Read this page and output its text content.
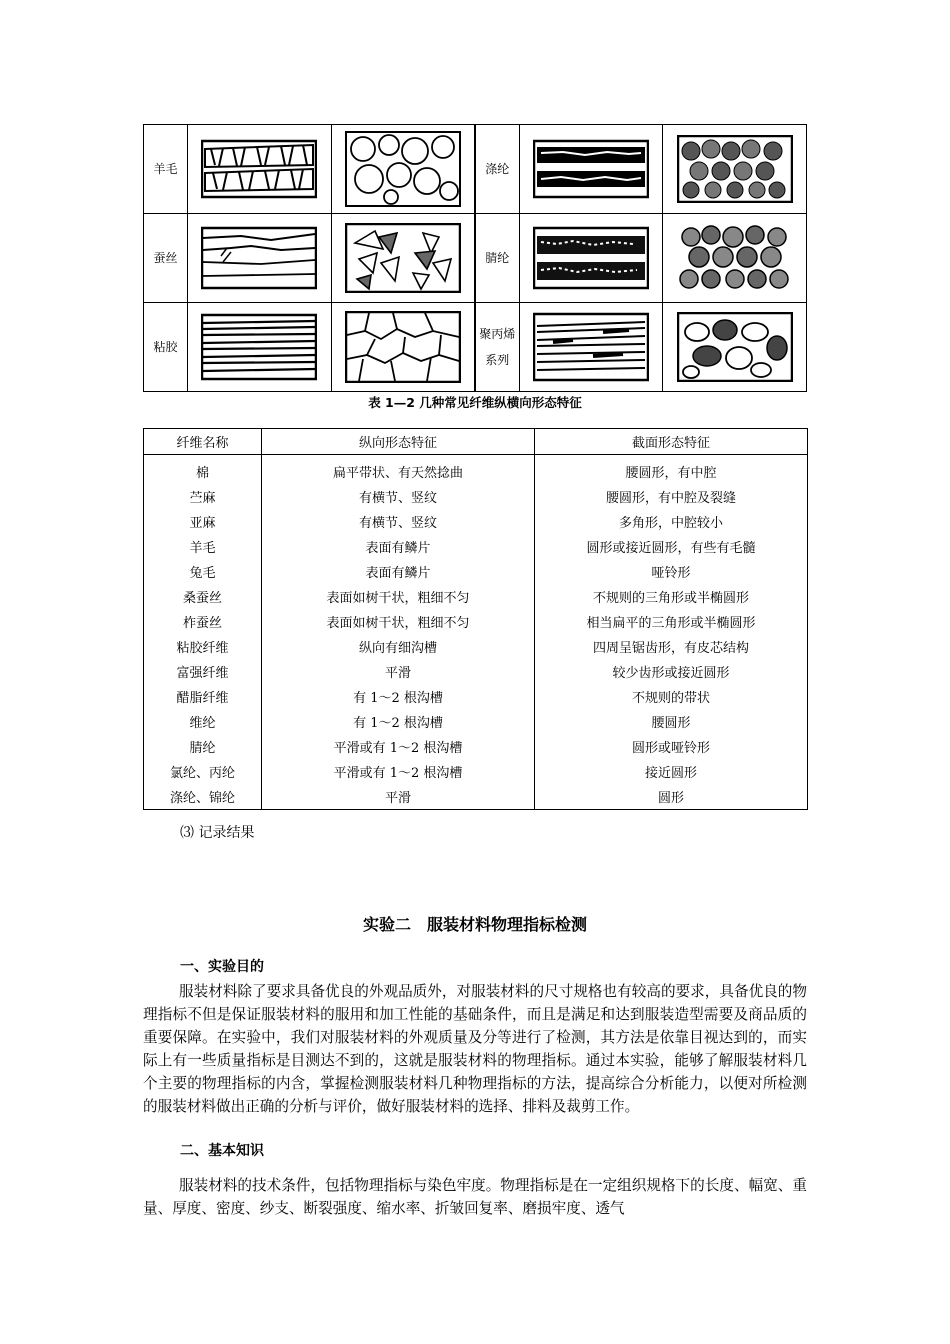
羊毛			涤纶	

蚕丝			腈纶	

粘胶			聚丙烯
系列	

表 1—2 几种常见纤维纵横向形态特征
纤维名称	纵向形态特征	截面形态特征
棉	扁平带状、有天然捻曲	腰圆形，有中腔
苎麻	有横节、竖纹	腰圆形，有中腔及裂缝
亚麻	有横节、竖纹	多角形，中腔较小
羊毛	表面有鳞片	圆形或接近圆形，有些有毛髓
兔毛	表面有鳞片	哑铃形
桑蚕丝	表面如树干状，粗细不匀	不规则的三角形或半椭圆形
柞蚕丝	表面如树干状，粗细不匀	相当扁平的三角形或半椭圆形
粘胶纤维	纵向有细沟槽	四周呈锯齿形，有皮芯结构
富强纤维	平滑	较少齿形或接近圆形
醋脂纤维	有 1～2 根沟槽	不规则的带状
维纶	有 1～2 根沟槽	腰圆形
腈纶	平滑或有 1～2 根沟槽	圆形或哑铃形
氯纶、丙纶	平滑或有 1～2 根沟槽	接近圆形
涤纶、锦纶	平滑	圆形
⑶ 记录结果
实验二　服装材料物理指标检测
一、实验目的

服装材料除了要求具备优良的外观品质外，对服装材料的尺寸规格也有较高的要求，具备优良的物理指标不但是保证服装材料的服用和加工性能的基础条件，而且是满足和达到服装造型需要及商品质的重要保障。在实验中，我们对服装材料的外观质量及分等进行了检测，其方法是依靠目视达到的，而实际上有一些质量指标是目测达不到的，这就是服装材料的物理指标。通过本实验，能够了解服装材料几个主要的物理指标的内含，掌握检测服装材料几种物理指标的方法，提高综合分析能力，以便对所检测的服装材料做出正确的分析与评价，做好服装材料的选择、排料及裁剪工作。

二、基本知识

服装材料的技术条件，包括物理指标与染色牢度。物理指标是在一定组织规格下的长度、幅宽、重量、厚度、密度、纱支、断裂强度、缩水率、折皱回复率、磨损牢度、透气
